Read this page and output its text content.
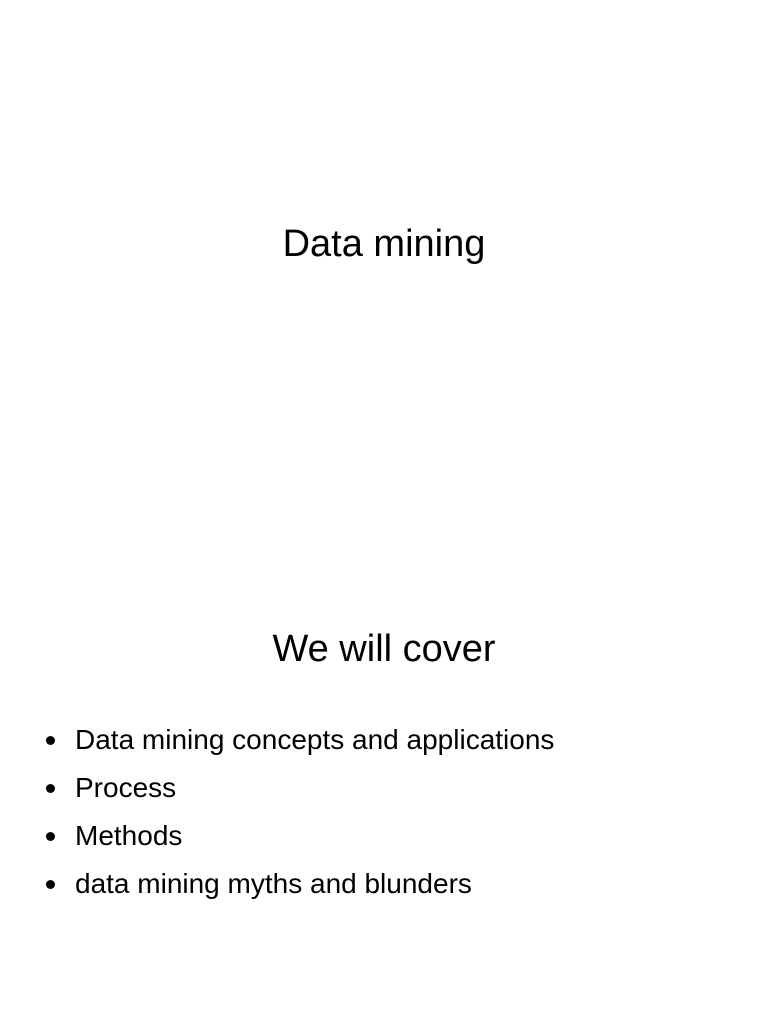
Data mining
We will cover
Data mining concepts and applications
Process
Methods
data mining myths and blunders
